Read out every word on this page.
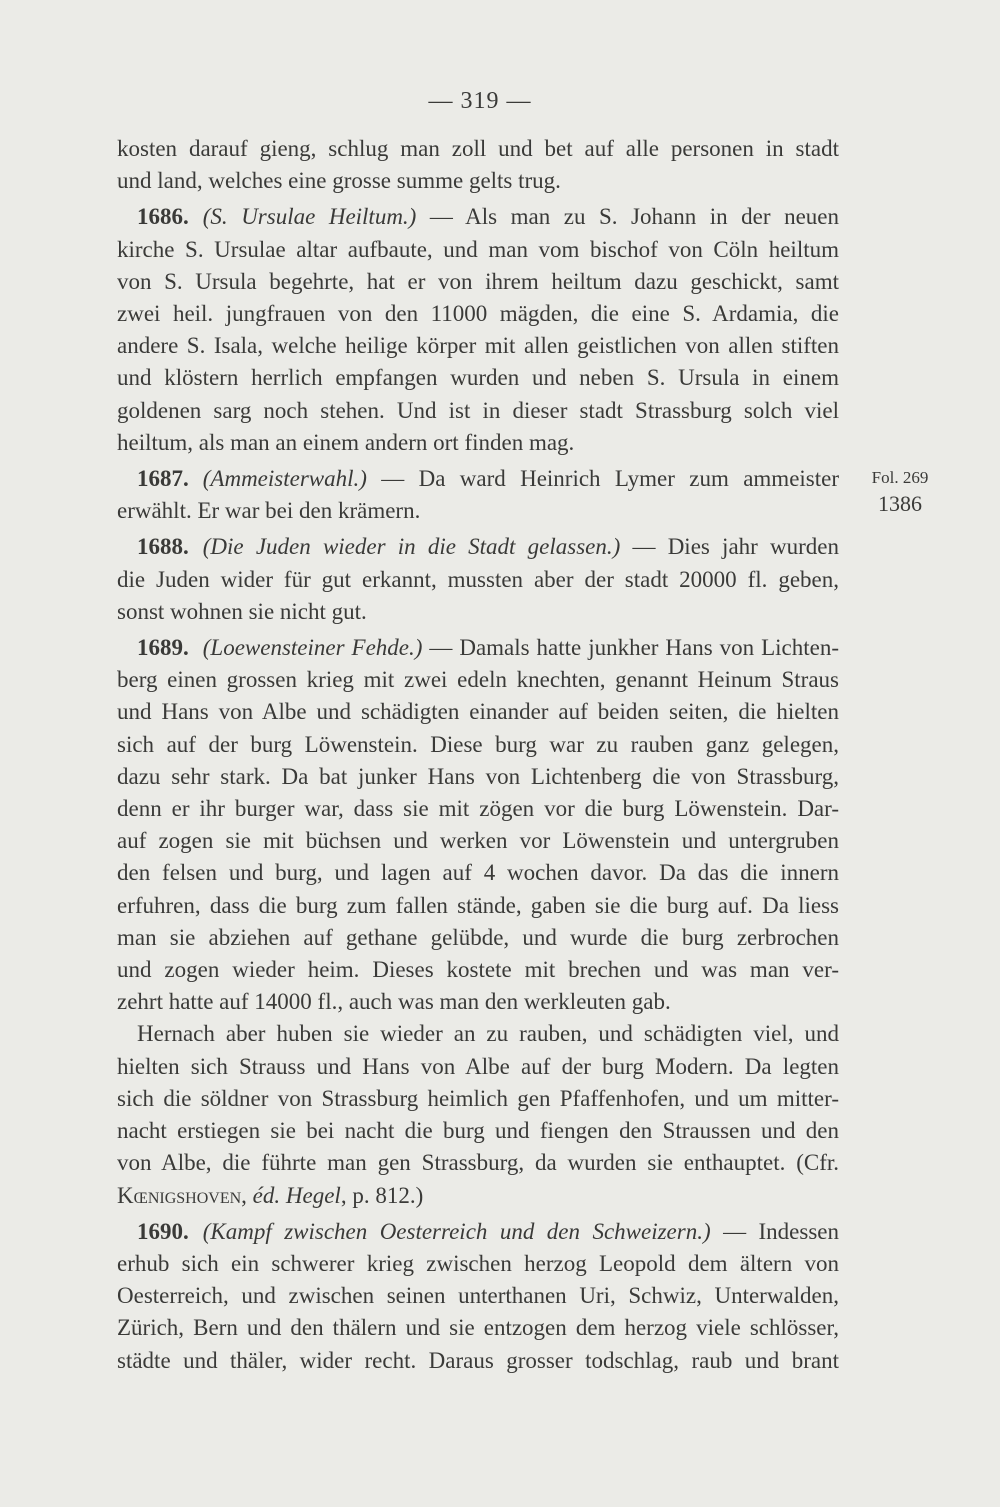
— 319 —
Fol. 269
1386
kosten darauf gieng, schlug man zoll und bet auf alle personen in stadt
und land, welches eine grosse summe gelts trug.
1686. (S. Ursulae Heiltum.) — Als man zu S. Johann in der neuen
kirche S. Ursulae altar aufbaute, und man vom bischof von Cöln heiltum
von S. Ursula begehrte, hat er von ihrem heiltum dazu geschickt, samt
zwei heil. jungfrauen von den 11000 mägden, die eine S. Ardamia, die
andere S. Isala, welche heilige körper mit allen geistlichen von allen stiften
und klöstern herrlich empfangen wurden und neben S. Ursula in einem
goldenen sarg noch stehen. Und ist in dieser stadt Strassburg solch viel
heiltum, als man an einem andern ort finden mag.
1687. (Ammeisterwahl.) — Da ward Heinrich Lymer zum ammeister
erwählt. Er war bei den krämern.
1688. (Die Juden wieder in die Stadt gelassen.) — Dies jahr wurden
die Juden wider für gut erkannt, mussten aber der stadt 20000 fl. geben,
sonst wohnen sie nicht gut.
1689. (Loewensteiner Fehde.) — Damals hatte junkher Hans von Lichten-
berg einen grossen krieg mit zwei edeln knechten, genannt Heinum Straus
und Hans von Albe und schädigten einander auf beiden seiten, die hielten
sich auf der burg Löwenstein. Diese burg war zu rauben ganz gelegen,
dazu sehr stark. Da bat junker Hans von Lichtenberg die von Strassburg,
denn er ihr burger war, dass sie mit zögen vor die burg Löwenstein. Dar-
auf zogen sie mit büchsen und werken vor Löwenstein und untergruben
den felsen und burg, und lagen auf 4 wochen davor. Da das die innern
erfuhren, dass die burg zum fallen stände, gaben sie die burg auf. Da liess
man sie abziehen auf gethane gelübde, und wurde die burg zerbrochen
und zogen wieder heim. Dieses kostete mit brechen und was man ver-
zehrt hatte auf 14000 fl., auch was man den werkleuten gab.
Hernach aber huben sie wieder an zu rauben, und schädigten viel, und
hielten sich Strauss und Hans von Albe auf der burg Modern. Da legten
sich die söldner von Strassburg heimlich gen Pfaffenhofen, und um mitter-
nacht erstiegen sie bei nacht die burg und fiengen den Straussen und den
von Albe, die führte man gen Strassburg, da wurden sie enthauptet. (Cfr.
Kœnigshoven, éd. Hegel, p. 812.)
1690. (Kampf zwischen Oesterreich und den Schweizern.) — Indessen
erhub sich ein schwerer krieg zwischen herzog Leopold dem ältern von
Oesterreich, und zwischen seinen unterthanen Uri, Schwiz, Unterwalden,
Zürich, Bern und den thälern und sie entzogen dem herzog viele schlösser,
städte und thäler, wider recht. Daraus grosser todschlag, raub und brant
